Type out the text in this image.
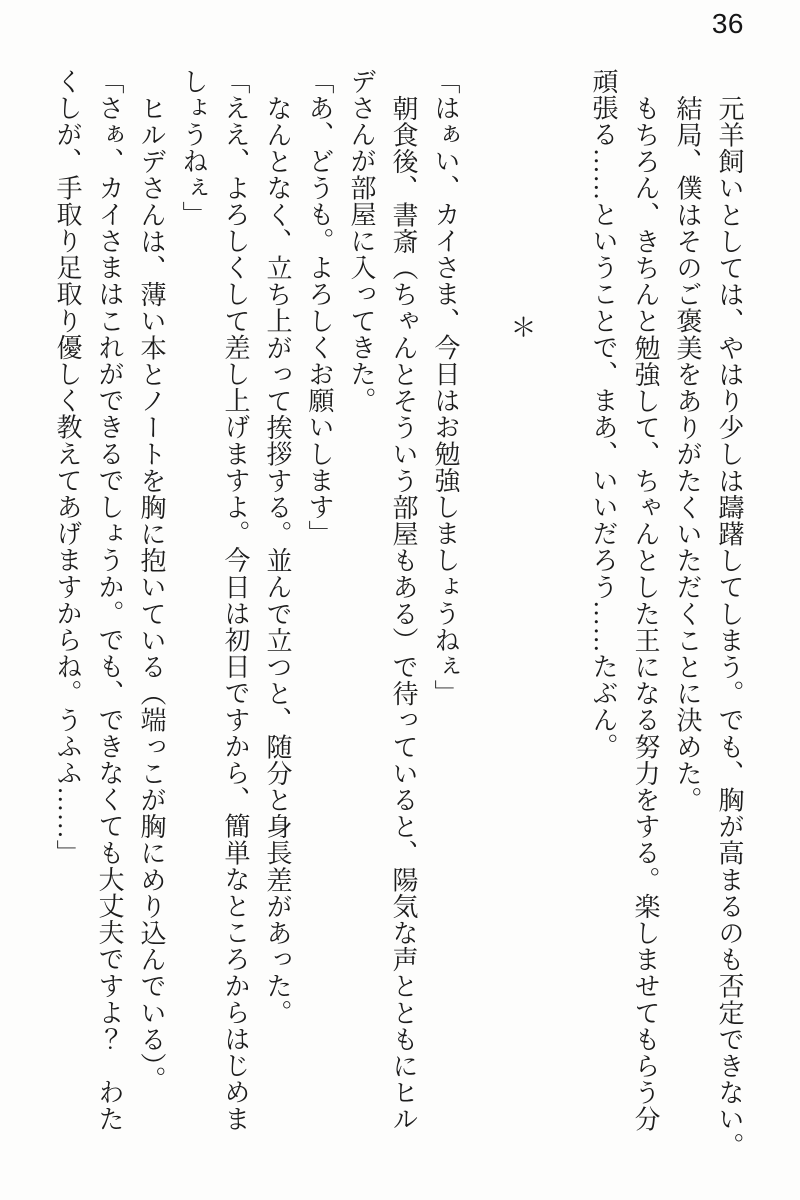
36
元羊飼いとしては、やはり少しは躊躇してしまう。でも、胸が高まるのも否定できない。
結局、僕はそのご褒美をありがたくいただくことに決めた。
もちろん、きちんと勉強して、ちゃんとした王になる努力をする。楽しませてもらう分
頑張る……ということで、まあ、いいだろう……たぶん。
＊
「はぁい、カイさま、今日はお勉強しましょうねぇ」
朝食後、書斎（ちゃんとそういう部屋もある）で待っていると、陽気な声とともにヒル
デさんが部屋に入ってきた。
「あ、どうも。よろしくお願いします」
なんとなく、立ち上がって挨拶する。並んで立つと、随分と身長差があった。
「ええ、よろしくして差し上げますよ。今日は初日ですから、簡単なところからはじめま
しょうねぇ」
ヒルデさんは、薄い本とノートを胸に抱いている（端っこが胸にめり込んでいる）。
「さぁ、カイさまはこれができるでしょうか。でも、できなくても大丈夫ですよ？　わた
くしが、手取り足取り優しく教えてあげますからね。うふふ……」
